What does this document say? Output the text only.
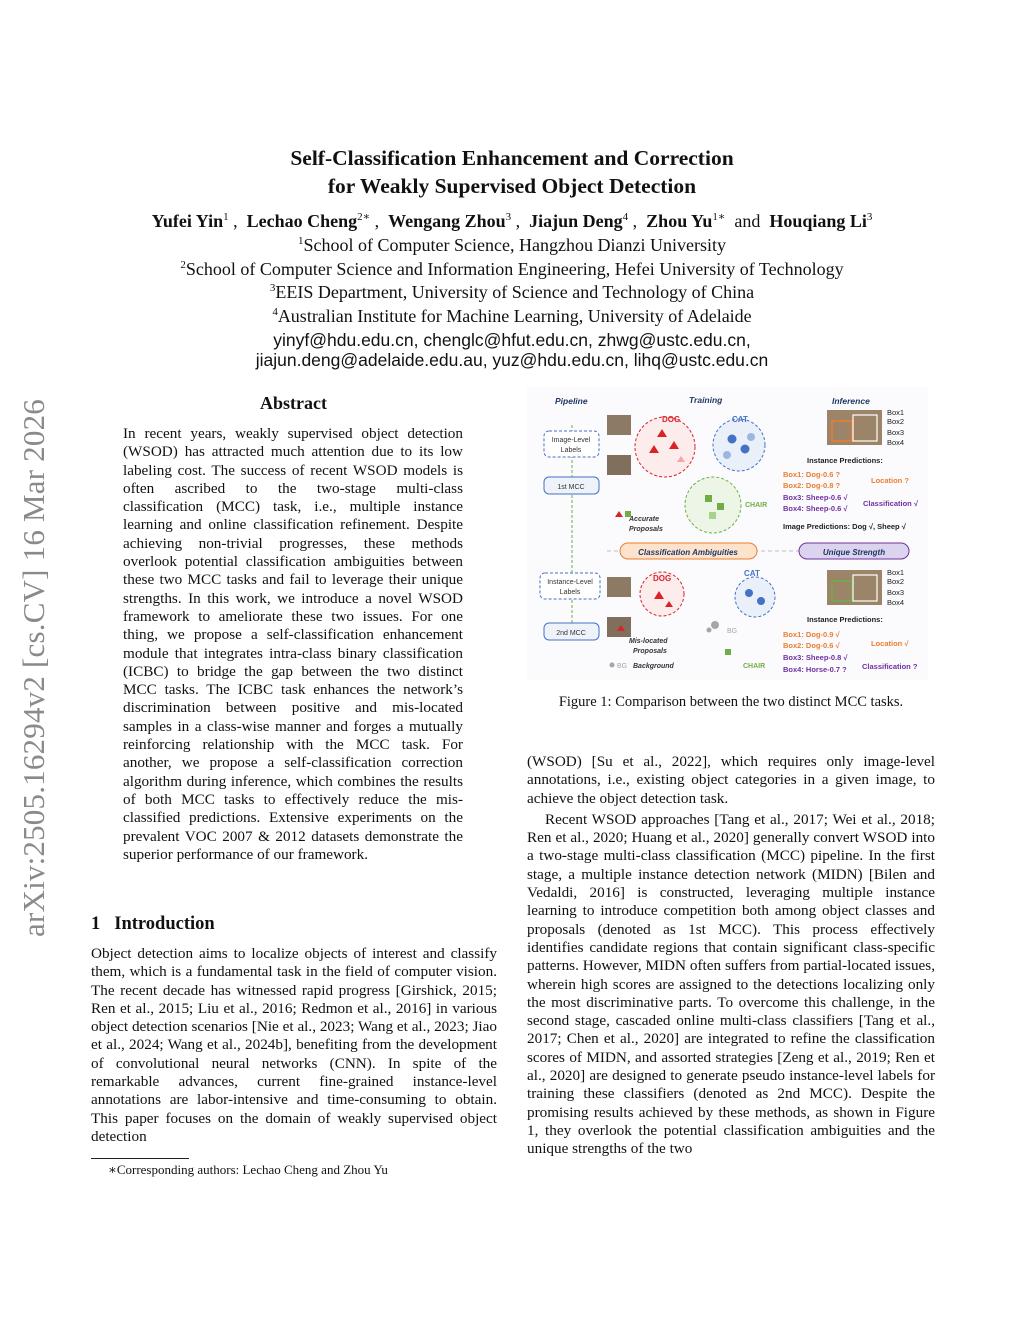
arXiv:2505.16294v2 [cs.CV] 16 Mar 2026
Self-Classification Enhancement and Correction
for Weakly Supervised Object Detection
Yufei Yin$^1$ ,  Lechao Cheng$^{2∗}$ ,  Wengang Zhou$^3$ ,  Jiajun Deng$^4$ ,  Zhou $Yu^{1∗}$ and Houqiang Li$^3$
$^1$School of Computer Science, Hangzhou Dianzi University
$^2$School of Computer Science and Information Engineering, Hefei University of Technology
$^3$EEIS Department, University of Science and Technology of China
$^4$Australian Institute for Machine Learning, University of Adelaide
yinyf@hdu.edu.cn, chenglc@hfut.edu.cn, zhwg@ustc.edu.cn,
jiajun.deng@adelaide.edu.au, yuz@hdu.edu.cn, lihq@ustc.edu.cn
Abstract
In recent years, weakly supervised object detection (WSOD) has attracted much attention due to its low labeling cost. The success of recent WSOD models is often ascribed to the two-stage multi-class classification (MCC) task, i.e., multiple instance learning and online classification refinement. Despite achieving non-trivial progresses, these methods overlook potential classification ambiguities between these two MCC tasks and fail to leverage their unique strengths. In this work, we introduce a novel WSOD framework to ameliorate these two issues. For one thing, we propose a self-classification enhancement module that integrates intra-class binary classification (ICBC) to bridge the gap between the two distinct MCC tasks. The ICBC task enhances the network’s discrimination between positive and mis-located samples in a class-wise manner and forges a mutually reinforcing relationship with the MCC task. For another, we propose a self-classification correction algorithm during inference, which combines the results of both MCC tasks to effectively reduce the mis-classified predictions. Extensive experiments on the prevalent VOC 2007 & 2012 datasets demonstrate the superior performance of our framework.
1 Introduction

Object detection aims to localize objects of interest and classify them, which is a fundamental task in the field of computer vision. The recent decade has witnessed rapid progress [Girshick, 2015; Ren et al., 2015; Liu et al., 2016; Redmon et al., 2016] in various object detection scenarios [Nie et al., 2023; Wang et al., 2023; Jiao et al., 2024; Wang et al., 2024b], benefiting from the development of convolutional neural networks (CNN). In spite of the remarkable advances, current fine-grained instance-level annotations are labor-intensive and time-consuming to obtain. This paper focuses on the domain of weakly supervised object detection

∗Corresponding authors: Lechao Cheng and Zhou Yu
Pipeline	Training	Inference
Image-Level
Labels
1st MCC
Instance-Level
Labels
2nd MCC
DOG	CAT
CHAIR
Accurate
Proposals
Classification Ambiguities	Unique Strength
DOG
BG
CAT
CHAIR
Mis-located
Proposals
BG Background
Box1
Box2
Box3
Box4
Instance Predictions:
Box1: Dog-0.6 ?
Box2: Dog-0.8 ?
Box3: Sheep-0.6 √
Box4: Sheep-0.6 √
Location ?
Classification √
Image Predictions: Dog √, Sheep √
Box1
Box2
Box3
Box4
Instance Predictions:
Box1: Dog-0.9 √
Box2: Dog-0.6 √
Box3: Sheep-0.8 √
Box4: Horse-0.7 ?
Location √
Classification ?
Figure 1: Comparison between the two distinct MCC tasks.

(WSOD) [Su et al., 2022], which requires only image-level annotations, i.e., existing object categories in a given image, to achieve the object detection task.

Recent WSOD approaches [Tang et al., 2017; Wei et al., 2018; Ren et al., 2020; Huang et al., 2020] generally convert WSOD into a two-stage multi-class classification (MCC) pipeline. In the first stage, a multiple instance detection network (MIDN) [Bilen and Vedaldi, 2016] is constructed, leveraging multiple instance learning to introduce competition both among object classes and proposals (denoted as 1st MCC). This process effectively identifies candidate regions that contain significant class-specific patterns. However, MIDN often suffers from partial-located issues, wherein high scores are assigned to the detections localizing only the most discriminative parts. To overcome this challenge, in the second stage, cascaded online multi-class classifiers [Tang et al., 2017; Chen et al., 2020] are integrated to refine the classification scores of MIDN, and assorted strategies [Zeng et al., 2019; Ren et al., 2020] are designed to generate pseudo instance-level labels for training these classifiers (denoted as 2nd MCC). Despite the promising results achieved by these methods, as shown in Figure 1, they overlook the potential classification ambiguities and the unique strengths of the two
